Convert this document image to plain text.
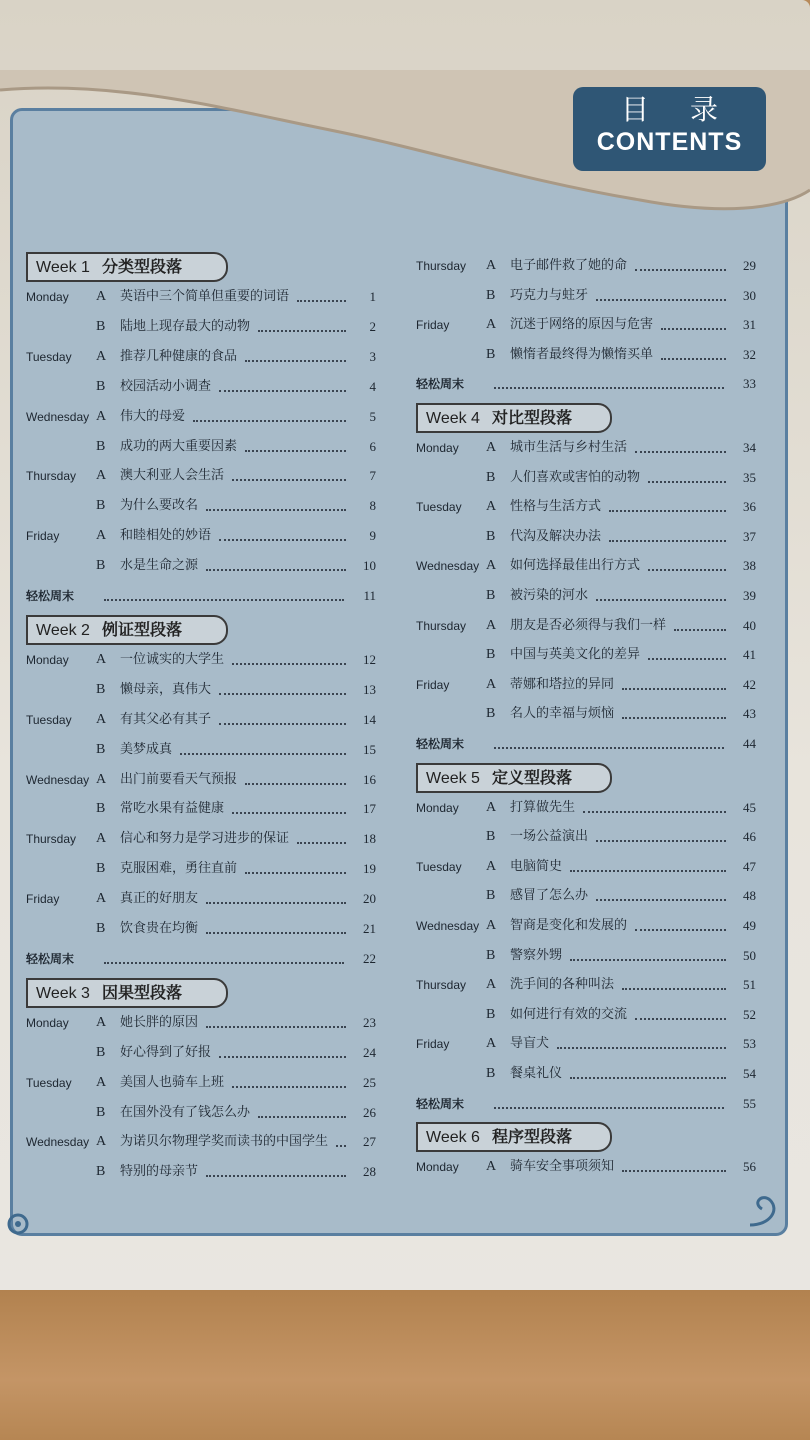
目 录
CONTENTS
Week 1 分类型段落
Monday A 英语中三个简单但重要的词语	1
B 陆地上现存最大的动物	2
Tuesday A 推荐几种健康的食品	3
B 校园活动小调查	4
Wednesday A 伟大的母爱	5
B 成功的两大重要因素	6
Thursday A 澳大利亚人会生活	7
B 为什么要改名	8
Friday	A 和睦相处的妙语	9
B 水是生命之源	10
轻松周末	11
Week 2 例证型段落
Monday A 一位诚实的大学生	12
B 懒母亲，真伟大	13
Tuesday A 有其父必有其子	14
B 美梦成真	15
Wednesday A 出门前要看天气预报	16
B 常吃水果有益健康	17
Thursday A 信心和努力是学习进步的保证	18
B 克服困难，勇往直前	19
Friday	A 真正的好朋友	20
B 饮食贵在均衡	21
轻松周末	22
Week 3 因果型段落
Monday A 她长胖的原因	23
B 好心得到了好报	24
Tuesday A 美国人也骑车上班	25
B 在国外没有了钱怎么办	26
Wednesday A 为诺贝尔物理学奖而读书的中国学生	27
B 特别的母亲节	28
Thursday A 电子邮件救了她的命	29
B 巧克力与蛀牙	30
Friday	A 沉迷于网络的原因与危害	31
B 懒惰者最终得为懒惰买单	32
轻松周末	33
Week 4 对比型段落
Monday A 城市生活与乡村生活	34
B 人们喜欢或害怕的动物	35
Tuesday A 性格与生活方式	36
B 代沟及解决办法	37
Wednesday A 如何选择最佳出行方式	38
B 被污染的河水	39
Thursday A 朋友是否必须得与我们一样	40
B 中国与英美文化的差异	41
Friday	A 蒂娜和塔拉的异同	42
B 名人的幸福与烦恼	43
轻松周末	44
Week 5 定义型段落
Monday A 打算做先生	45
B 一场公益演出	46
Tuesday A 电脑简史	47
B 感冒了怎么办	48
Wednesday A 智商是变化和发展的	49
B 警察外甥	50
Thursday A 洗手间的各种叫法	51
B 如何进行有效的交流	52
Friday	A 导盲犬	53
B 餐桌礼仪	54
轻松周末	55
Week 6 程序型段落
Monday A 骑车安全事项须知	56
